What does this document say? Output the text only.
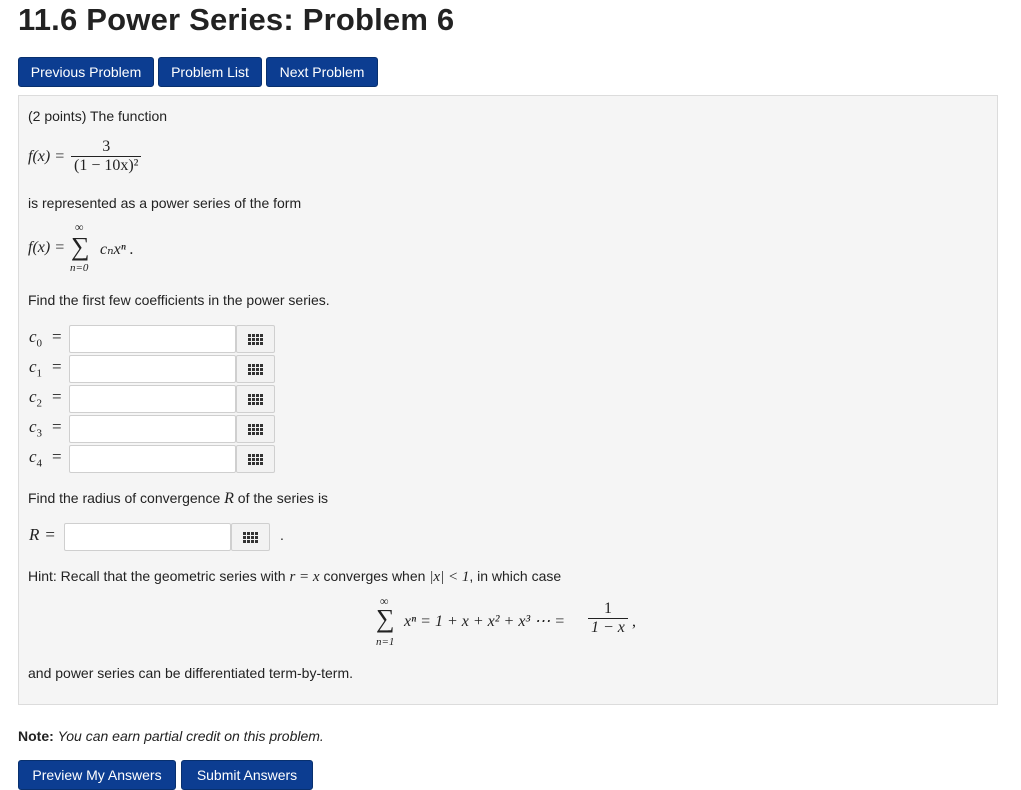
11.6 Power Series: Problem 6
Previous Problem	Problem List	Next Problem
(2 points) The function
$f(x) = \frac{3}{\text{(1 − 10x)²}}$
is represented as a power series of the form
f(x) =
∞
∑
n=0
cₙxⁿ .
Find the first few coefficients in the power series.
$c_0$ =
$c_1$ =
$c_2$ =
$c_3$ =
$c_4$ =
Find the radius of convergence R of the series is
R =	.
Hint: Recall that the geometric series with r = x converges when |x| < 1, in which case
∞
∑
n=1
xⁿ = 1 + x + x² + x³ ⋯ = $\frac{1}{1 - x}$ ,
and power series can be differentiated term-by-term.
Note: You can earn partial credit on this problem.
Preview My Answers	Submit Answers
